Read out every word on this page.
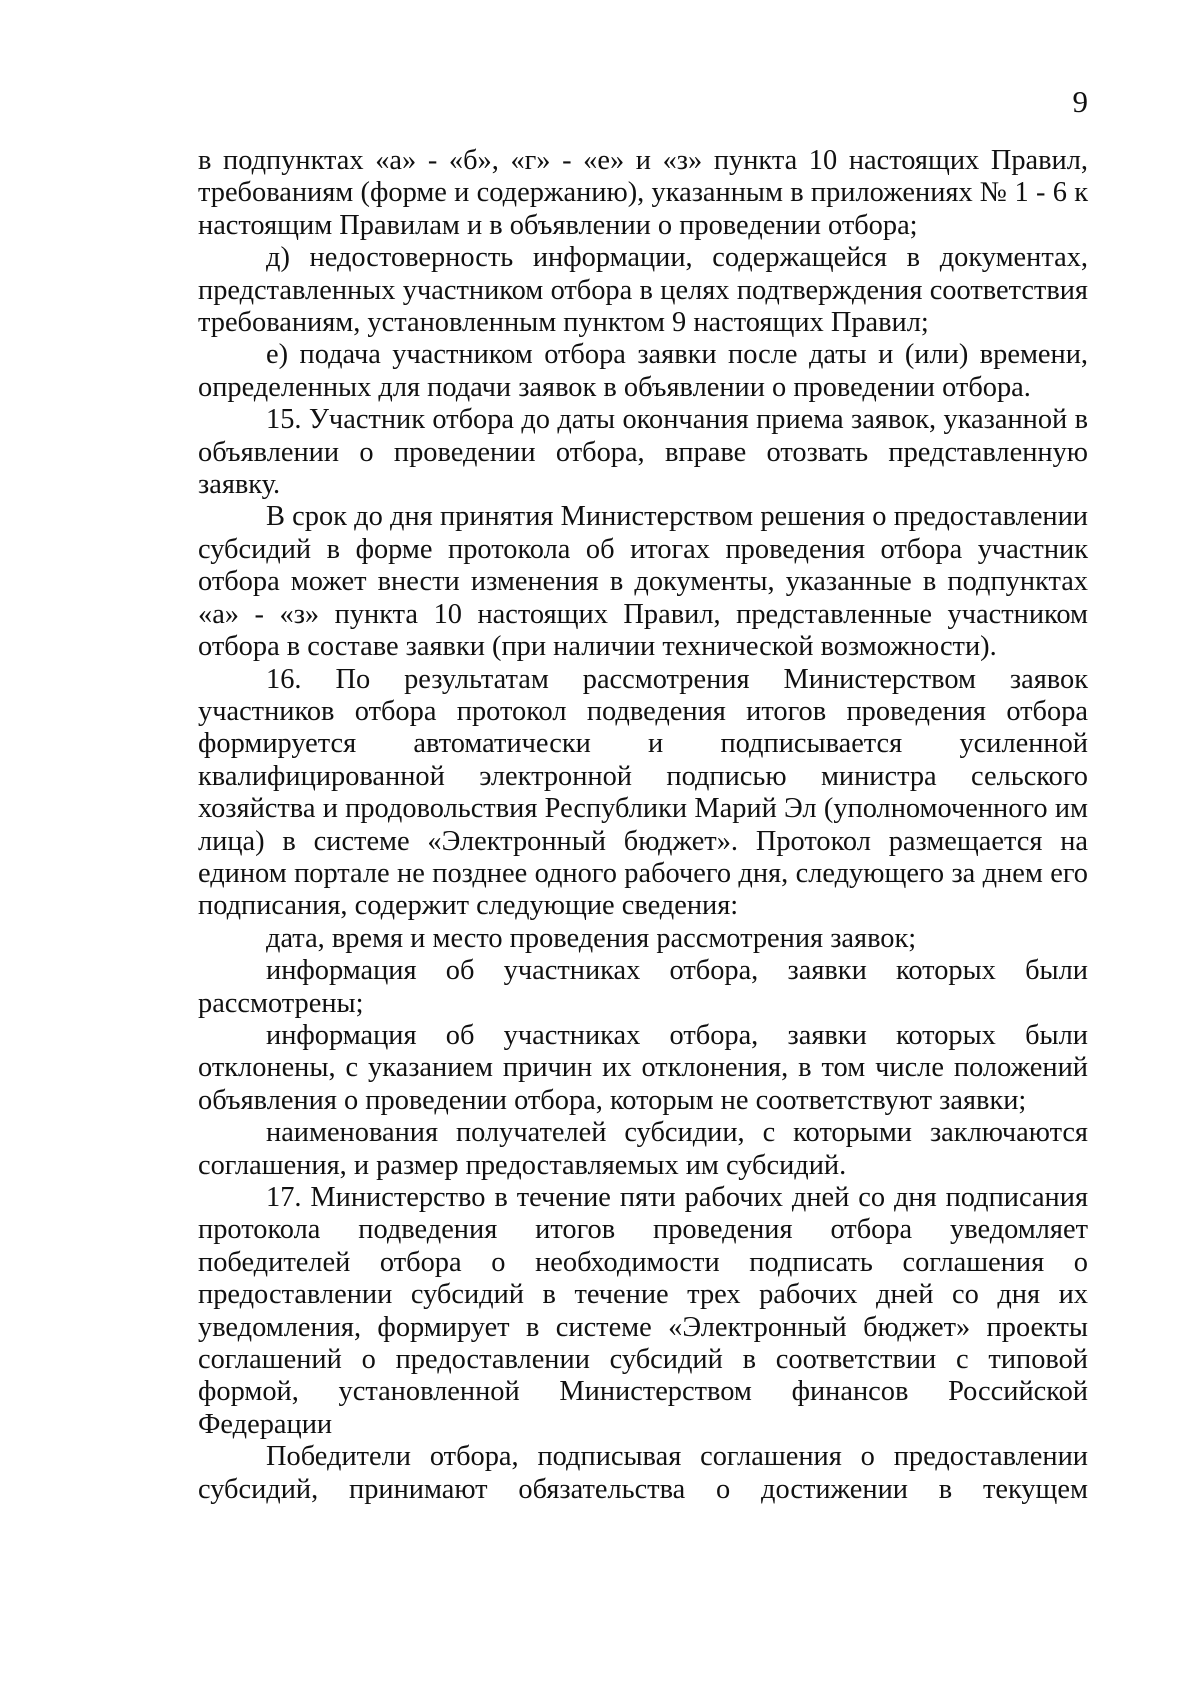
9

в подпунктах «а» - «б», «г» - «е» и «з» пункта 10 настоящих Правил, требованиям (форме и содержанию), указанным в приложениях № 1 - 6 к настоящим Правилам и в объявлении о проведении отбора;

д) недостоверность информации, содержащейся в документах, представленных участником отбора в целях подтверждения соответствия требованиям, установленным пунктом 9 настоящих Правил;

е) подача участником отбора заявки после даты и (или) времени, определенных для подачи заявок в объявлении о проведении отбора.

15. Участник отбора до даты окончания приема заявок, указанной в объявлении о проведении отбора, вправе отозвать представленную заявку.

В срок до дня принятия Министерством решения о предоставлении субсидий в форме протокола об итогах проведения отбора участник отбора может внести изменения в документы, указанные в подпунктах «а» - «з» пункта 10 настоящих Правил, представленные участником отбора в составе заявки (при наличии технической возможности).

16. По результатам рассмотрения Министерством заявок участников отбора протокол подведения итогов проведения отбора формируется автоматически и подписывается усиленной квалифицированной электронной подписью министра сельского хозяйства и продовольствия Республики Марий Эл (уполномоченного им лица) в системе «Электронный бюджет». Протокол размещается на едином портале не позднее одного рабочего дня, следующего за днем его подписания, содержит следующие сведения:

дата, время и место проведения рассмотрения заявок;

информация об участниках отбора, заявки которых были рассмотрены;

информация об участниках отбора, заявки которых были отклонены, с указанием причин их отклонения, в том числе положений объявления о проведении отбора, которым не соответствуют заявки;

наименования получателей субсидии, с которыми заключаются соглашения, и размер предоставляемых им субсидий.

17. Министерство в течение пяти рабочих дней со дня подписания протокола подведения итогов проведения отбора уведомляет победителей отбора о необходимости подписать соглашения о предоставлении субсидий в течение трех рабочих дней со дня их уведомления, формирует в системе «Электронный бюджет» проекты соглашений о предоставлении субсидий в соответствии с типовой формой, установленной Министерством финансов Российской Федерации

Победители отбора, подписывая соглашения о предоставлении субсидий, принимают обязательства о достижении в текущем
